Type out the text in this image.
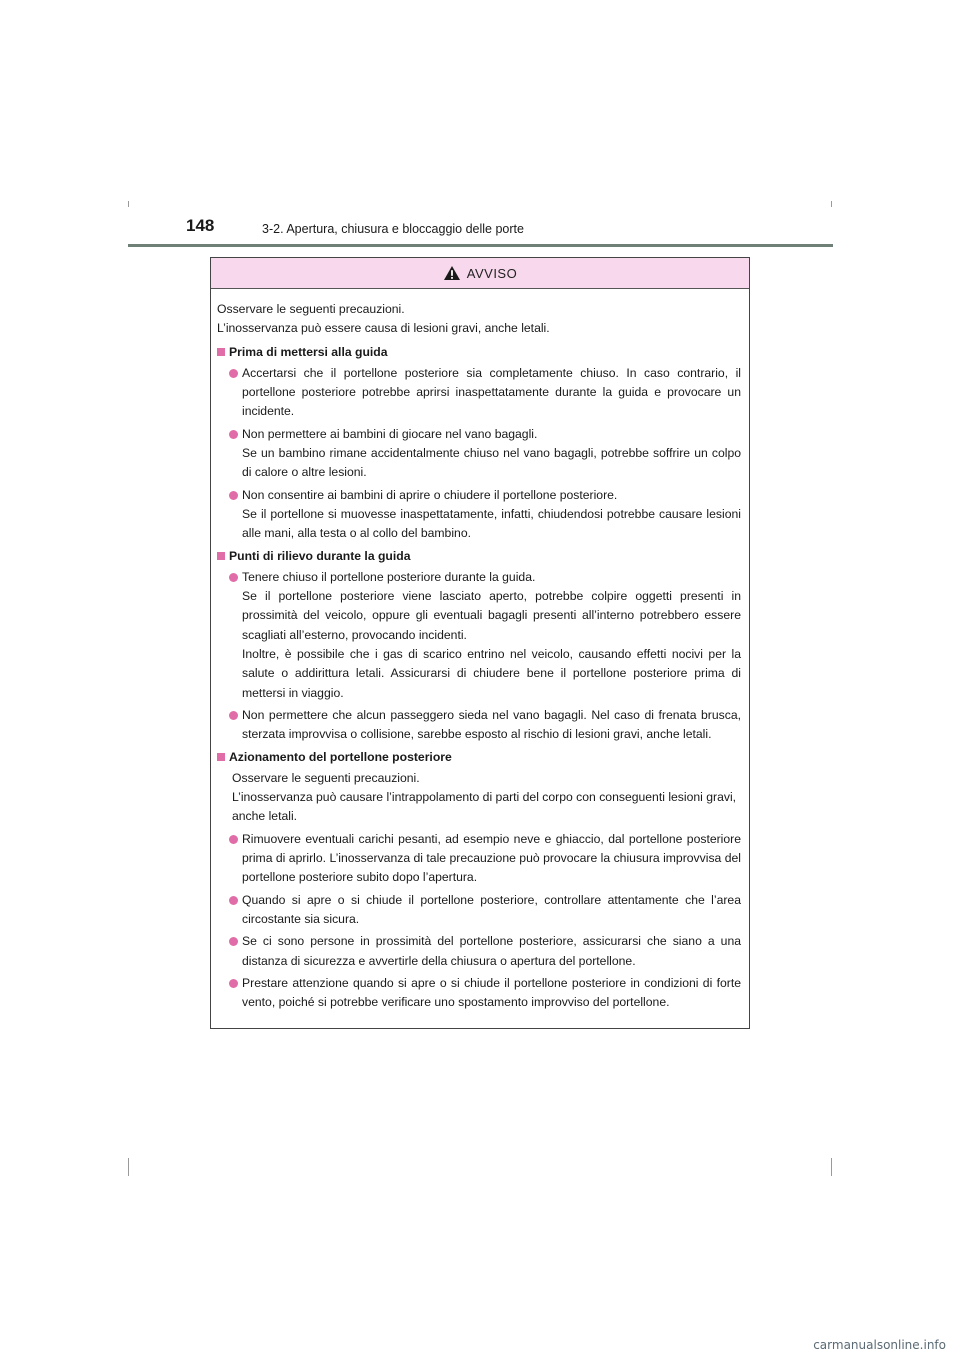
148	3-2. Apertura, chiusura e bloccaggio delle porte
AVVISO

Osservare le seguenti precauzioni.

L’inosservanza può essere causa di lesioni gravi, anche letali.

Prima di mettersi alla guida

Accertarsi che il portellone posteriore sia completamente chiuso. In caso contrario, il portellone posteriore potrebbe aprirsi inaspettatamente durante la guida e provocare un incidente.

Non permettere ai bambini di giocare nel vano bagagli.

Se un bambino rimane accidentalmente chiuso nel vano bagagli, potrebbe soffrire un colpo di calore o altre lesioni.

Non consentire ai bambini di aprire o chiudere il portellone posteriore.

Se il portellone si muovesse inaspettatamente, infatti, chiudendosi potrebbe causare lesioni alle mani, alla testa o al collo del bambino.

Punti di rilievo durante la guida

Tenere chiuso il portellone posteriore durante la guida.

Se il portellone posteriore viene lasciato aperto, potrebbe colpire oggetti presenti in prossimità del veicolo, oppure gli eventuali bagagli presenti all’interno potrebbero essere scagliati all’esterno, provocando incidenti.

Inoltre, è possibile che i gas di scarico entrino nel veicolo, causando effetti nocivi per la salute o addirittura letali. Assicurarsi di chiudere bene il portellone posteriore prima di mettersi in viaggio.

Non permettere che alcun passeggero sieda nel vano bagagli. Nel caso di frenata brusca, sterzata improvvisa o collisione, sarebbe esposto al rischio di lesioni gravi, anche letali.

Azionamento del portellone posteriore

Osservare le seguenti precauzioni.

L’inosservanza può causare l’intrappolamento di parti del corpo con conseguenti lesioni gravi, anche letali.

Rimuovere eventuali carichi pesanti, ad esempio neve e ghiaccio, dal portellone posteriore prima di aprirlo. L’inosservanza di tale precauzione può provocare la chiusura improvvisa del portellone posteriore subito dopo l’apertura.

Quando si apre o si chiude il portellone posteriore, controllare attentamente che l’area circostante sia sicura.

Se ci sono persone in prossimità del portellone posteriore, assicurarsi che siano a una distanza di sicurezza e avvertirle della chiusura o apertura del portellone.

Prestare attenzione quando si apre o si chiude il portellone posteriore in condizioni di forte vento, poiché si potrebbe verificare uno spostamento improvviso del portellone.

carmanualsonline.info
